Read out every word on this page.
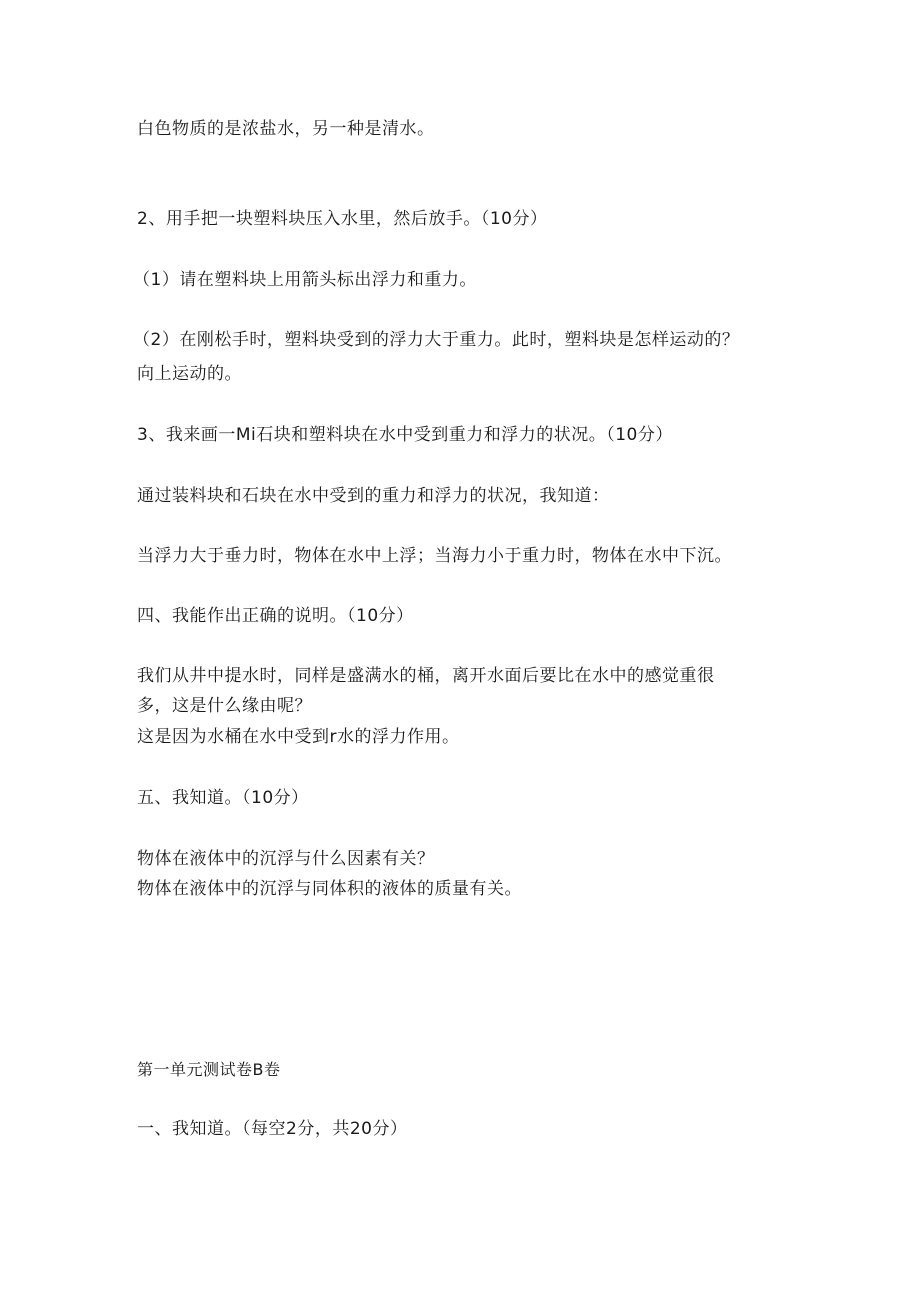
白色物质的是浓盐水，另一种是清水。
2、用手把一块塑料块压入水里，然后放手。（10分）
（1）请在塑料块上用箭头标出浮力和重力。
（2）在刚松手时，塑料块受到的浮力大于重力。此时，塑料块是怎样运动的？
向上运动的。
3、我来画一Mi石块和塑料块在水中受到重力和浮力的状况。（10分）
通过装料块和石块在水中受到的重力和浮力的状况，我知道：
当浮力大于垂力时，物体在水中上浮；当海力小于重力时，物体在水中下沉。
四、我能作出正确的说明。（10分）
我们从井中提水时，同样是盛满水的桶，离开水面后要比在水中的感觉重很
多，这是什么缘由呢？
这是因为水桶在水中受到r水的浮力作用。
五、我知道。（10分）
物体在液体中的沉浮与什么因素有关？
物体在液体中的沉浮与同体积的液体的质量有关。
第一单元测试卷B卷
一、我知道。（每空2分，共20分）
